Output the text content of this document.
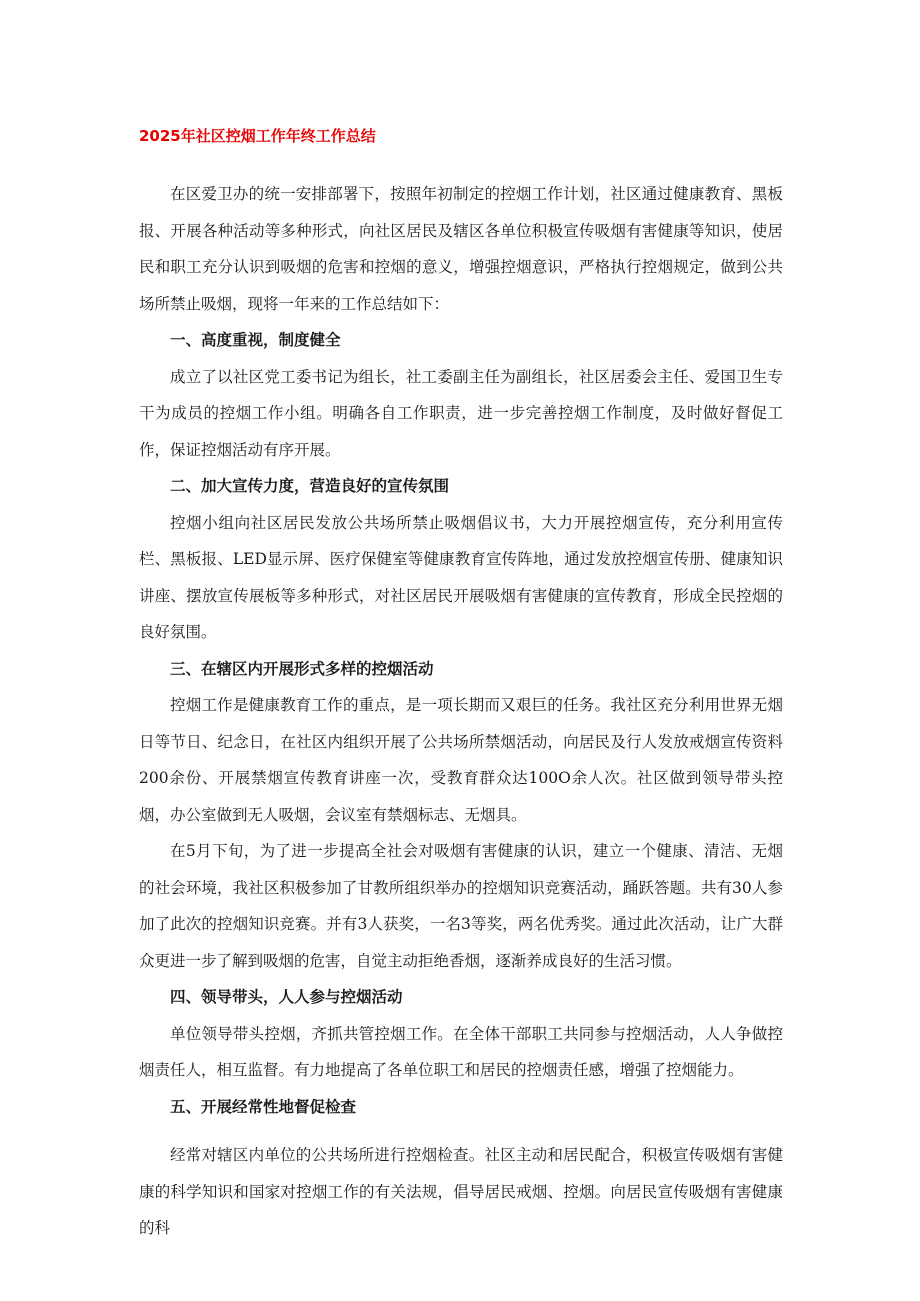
2025年社区控烟工作年终工作总结

在区爱卫办的统一安排部署下，按照年初制定的控烟工作计划，社区通过健康教育、黑板报、开展各种活动等多种形式，向社区居民及辖区各单位积极宣传吸烟有害健康等知识，使居民和职工充分认识到吸烟的危害和控烟的意义，增强控烟意识，严格执行控烟规定，做到公共场所禁止吸烟，现将一年来的工作总结如下：

一、高度重视，制度健全

成立了以社区党工委书记为组长，社工委副主任为副组长，社区居委会主任、爱国卫生专干为成员的控烟工作小组。明确各自工作职责，进一步完善控烟工作制度，及时做好督促工作，保证控烟活动有序开展。

二、加大宣传力度，营造良好的宣传氛围

控烟小组向社区居民发放公共场所禁止吸烟倡议书，大力开展控烟宣传，充分利用宣传栏、黑板报、LED显示屏、医疗保健室等健康教育宣传阵地，通过发放控烟宣传册、健康知识讲座、摆放宣传展板等多种形式，对社区居民开展吸烟有害健康的宣传教育，形成全民控烟的良好氛围。

三、在辖区内开展形式多样的控烟活动

控烟工作是健康教育工作的重点，是一项长期而又艰巨的任务。我社区充分利用世界无烟日等节日、纪念日，在社区内组织开展了公共场所禁烟活动，向居民及行人发放戒烟宣传资料200余份、开展禁烟宣传教育讲座一次，受教育群众达100O余人次。社区做到领导带头控烟，办公室做到无人吸烟，会议室有禁烟标志、无烟具。

在5月下旬，为了进一步提高全社会对吸烟有害健康的认识，建立一个健康、清洁、无烟的社会环境，我社区积极参加了甘教所组织举办的控烟知识竞赛活动，踊跃答题。共有30人参加了此次的控烟知识竞赛。并有3人获奖，一名3等奖，两名优秀奖。通过此次活动，让广大群众更进一步了解到吸烟的危害，自觉主动拒绝香烟，逐渐养成良好的生活习惯。

四、领导带头，人人参与控烟活动

单位领导带头控烟，齐抓共管控烟工作。在全体干部职工共同参与控烟活动，人人争做控烟责任人，相互监督。有力地提高了各单位职工和居民的控烟责任感，增强了控烟能力。

五、开展经常性地督促检查

经常对辖区内单位的公共场所进行控烟检查。社区主动和居民配合，积极宣传吸烟有害健康的科学知识和国家对控烟工作的有关法规，倡导居民戒烟、控烟。向居民宣传吸烟有害健康的科
